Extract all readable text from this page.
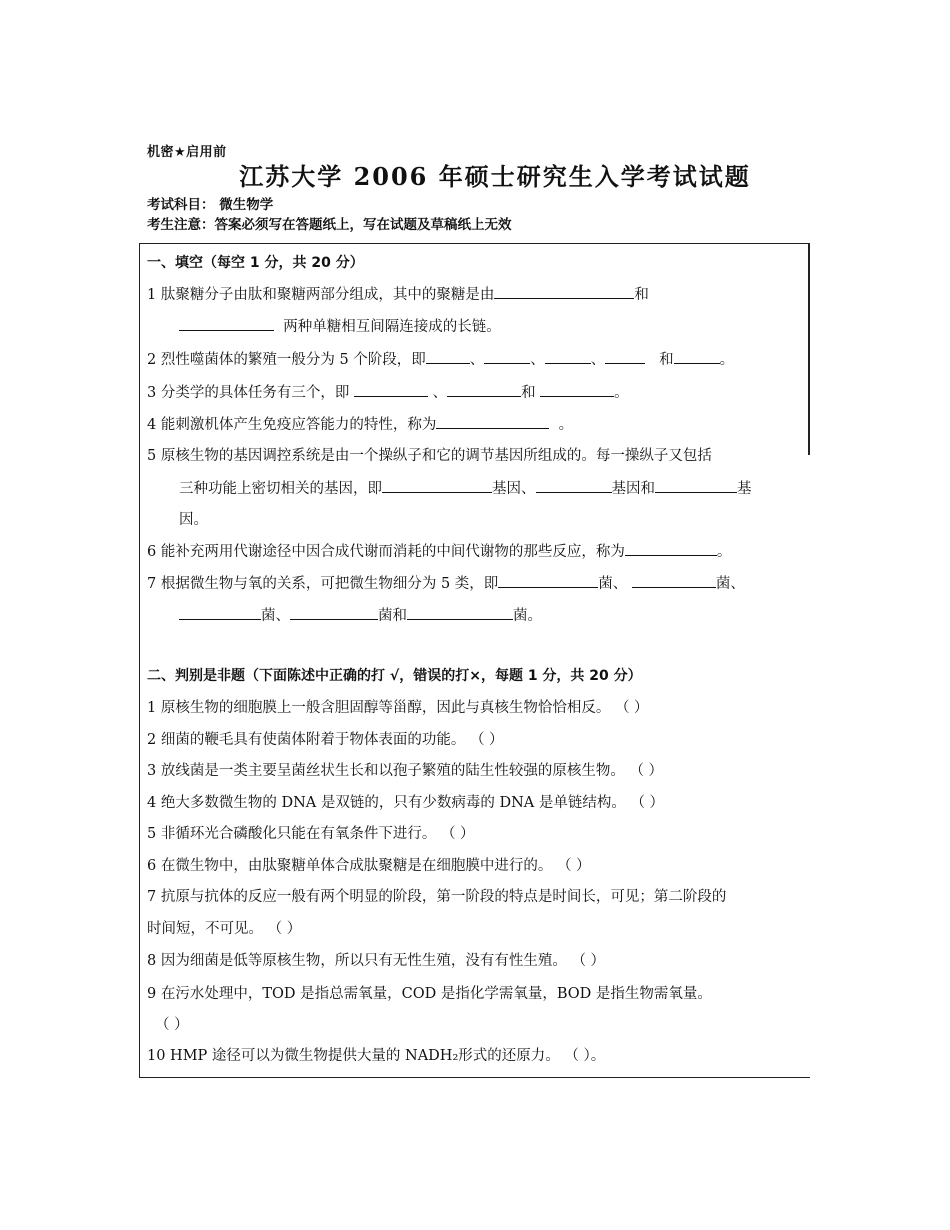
机密★启用前
江苏大学 2006 年硕士研究生入学考试试题
考试科目： 微生物学
考生注意：答案必须写在答题纸上，写在试题及草稿纸上无效
一、填空（每空 1 分，共 20 分）
1 肽聚糖分子由肽和聚糖两部分组成，其中的聚糖是由	和
两种单糖相互间隔连接成的长链。
2 烈性噬菌体的繁殖一般分为 5 个阶段，即	、	、	、	和	。
3 分类学的具体任务有三个，即	、	和	。
4 能刺激机体产生免疫应答能力的特性，称为	。
5 原核生物的基因调控系统是由一个操纵子和它的调节基因所组成的。每一操纵子又包括
三种功能上密切相关的基因，即	基因、	基因和	基
因。
6 能补充两用代谢途径中因合成代谢而消耗的中间代谢物的那些反应，称为	。
7 根据微生物与氧的关系，可把微生物细分为 5 类，即	菌、	菌、
菌、	菌和	菌。
二、判别是非题（下面陈述中正确的打 √，错误的打×，每题 1 分，共 20 分）
1 原核生物的细胞膜上一般含胆固醇等甾醇，因此与真核生物恰恰相反。 （ ）
2 细菌的鞭毛具有使菌体附着于物体表面的功能。 （ ）
3 放线菌是一类主要呈菌丝状生长和以孢子繁殖的陆生性较强的原核生物。 （ ）
4 绝大多数微生物的 DNA 是双链的，只有少数病毒的 DNA 是单链结构。 （ ）
5 非循环光合磷酸化只能在有氧条件下进行。 （ ）
6 在微生物中，由肽聚糖单体合成肽聚糖是在细胞膜中进行的。 （ ）
7 抗原与抗体的反应一般有两个明显的阶段，第一阶段的特点是时间长，可见；第二阶段的
时间短，不可见。 （ ）
8 因为细菌是低等原核生物，所以只有无性生殖，没有有性生殖。 （ ）
9 在污水处理中，TOD 是指总需氧量，COD 是指化学需氧量，BOD 是指生物需氧量。
（ ）
10 HMP 途径可以为微生物提供大量的 NADH₂形式的还原力。 （ ）。
